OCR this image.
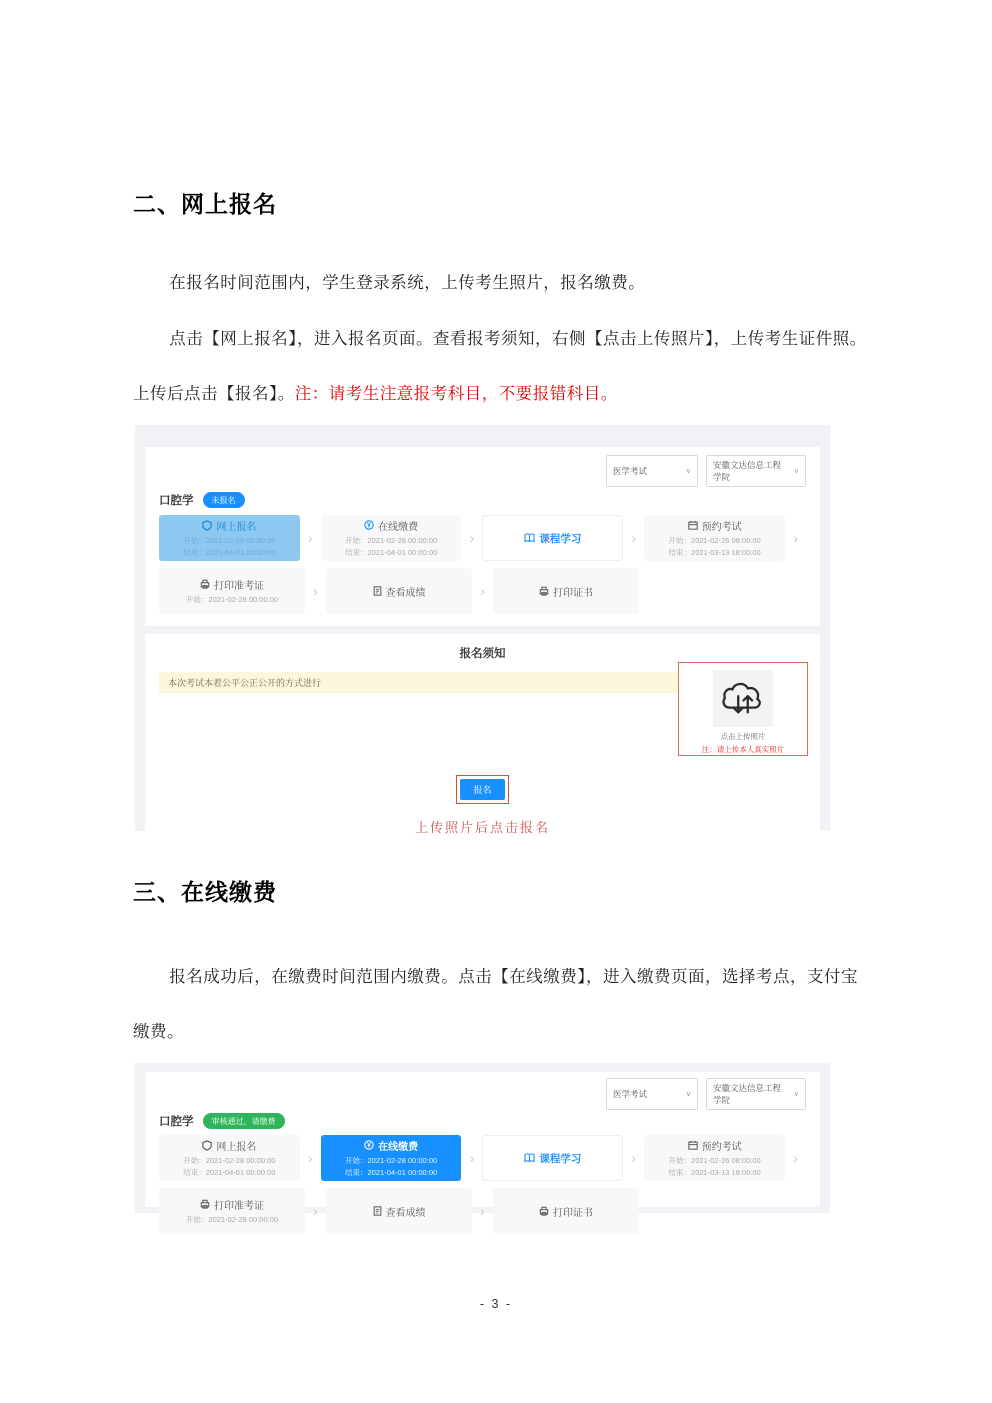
二、网上报名
在报名时间范围内，学生登录系统，上传考生照片，报名缴费。
点击【网上报名】，进入报名页面。查看报考须知，右侧【点击上传照片】，上传考生证件照。上传后点击【报名】。注：请考生注意报考科目，不要报错科目。
医学考试	∨
安徽文达信息工程学院
∨
口腔学	未报名
网上报名
开始：2021-02-28 00:00:00
结束：2021-04-01 00:00:00
›
在线缴费
开始：2021-02-28 00:00:00
结束：2021-04-01 00:00:00
›	课程学习	›
预约考试
开始：2021-02-26 08:00:00
结束：2021-03-13 18:00:00
›
打印准考证
开始：2021-02-28 00:00:00
›	查看成绩	›	打印证书
报名须知
本次考试本着公平公正公开的方式进行
点击上传照片
注：请上传本人真实照片
报名
上传照片后点击报名
三、在线缴费
报名成功后，在缴费时间范围内缴费。点击【在线缴费】，进入缴费页面，选择考点，支付宝缴费。
医学考试	∨
安徽文达信息工程学院
∨
口腔学	审核通过，请缴费
网上报名
开始：2021-02-28 00:00:00
结束：2021-04-01 00:00:00
›
在线缴费
开始：2021-02-28 00:00:00
结束：2021-04-01 00:00:00
›	课程学习	›
预约考试
开始：2021-02-26 08:00:00
结束：2021-03-13 18:00:00
›
打印准考证
开始：2021-02-28 00:00:00
›	查看成绩	›	打印证书
- 3 -
